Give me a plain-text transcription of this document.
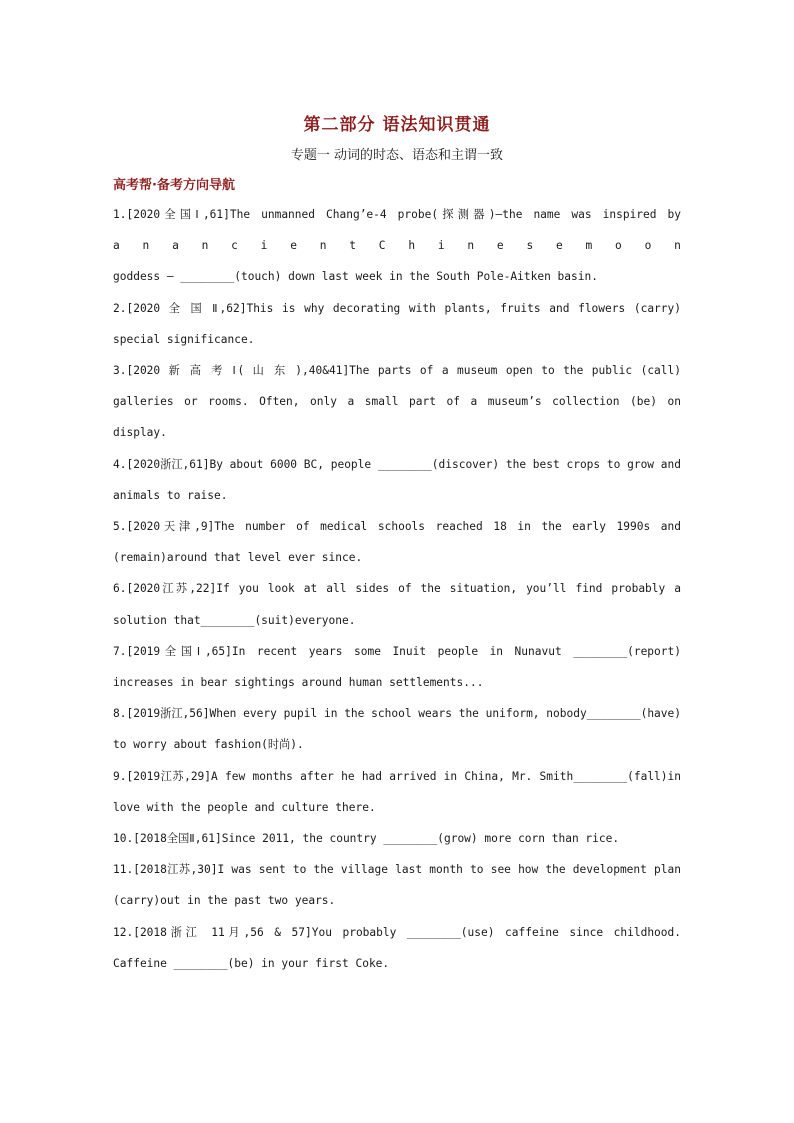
第二部分 语法知识贯通
专题一 动词的时态、语态和主谓一致
高考帮·备考方向导航
1.[2020全国Ⅰ,61]The unmanned Chang’e-4 probe(探测器)—the name was inspired by
a n a n c i e n t C h i n e s e m o o n
goddess — ________(touch) down last week in the South Pole-Aitken basin.
2.[2020 全 国 Ⅱ,62]This is why decorating with plants, fruits and flowers (carry) special significance.
3.[2020 新 高 考 Ⅰ( 山 东 ),40&41]The parts of a museum open to the public (call) galleries or rooms. Often, only a small part of a museum’s collection (be) on display.
4.[2020浙江,61]By about 6000 BC, people ________(discover) the best crops to grow and animals to raise.
5.[2020天津,9]The number of medical schools reached 18 in the early 1990s and (remain)around that level ever since.
6.[2020江苏,22]If you look at all sides of the situation, you’ll find probably a solution that________(suit)everyone.
7.[2019全国Ⅰ,65]In recent years some Inuit people in Nunavut ________(report) increases in bear sightings around human settlements...
8.[2019浙江,56]When every pupil in the school wears the uniform, nobody________(have) to worry about fashion(时尚).
9.[2019江苏,29]A few months after he had arrived in China, Mr. Smith________(fall)in love with the people and culture there.
10.[2018全国Ⅱ,61]Since 2011, the country ________(grow) more corn than rice.
11.[2018江苏,30]I was sent to the village last month to see how the development plan (carry)out in the past two years.
12.[2018浙江 11月,56 & 57]You probably ________(use) caffeine since childhood. Caffeine ________(be) in your first Coke.
